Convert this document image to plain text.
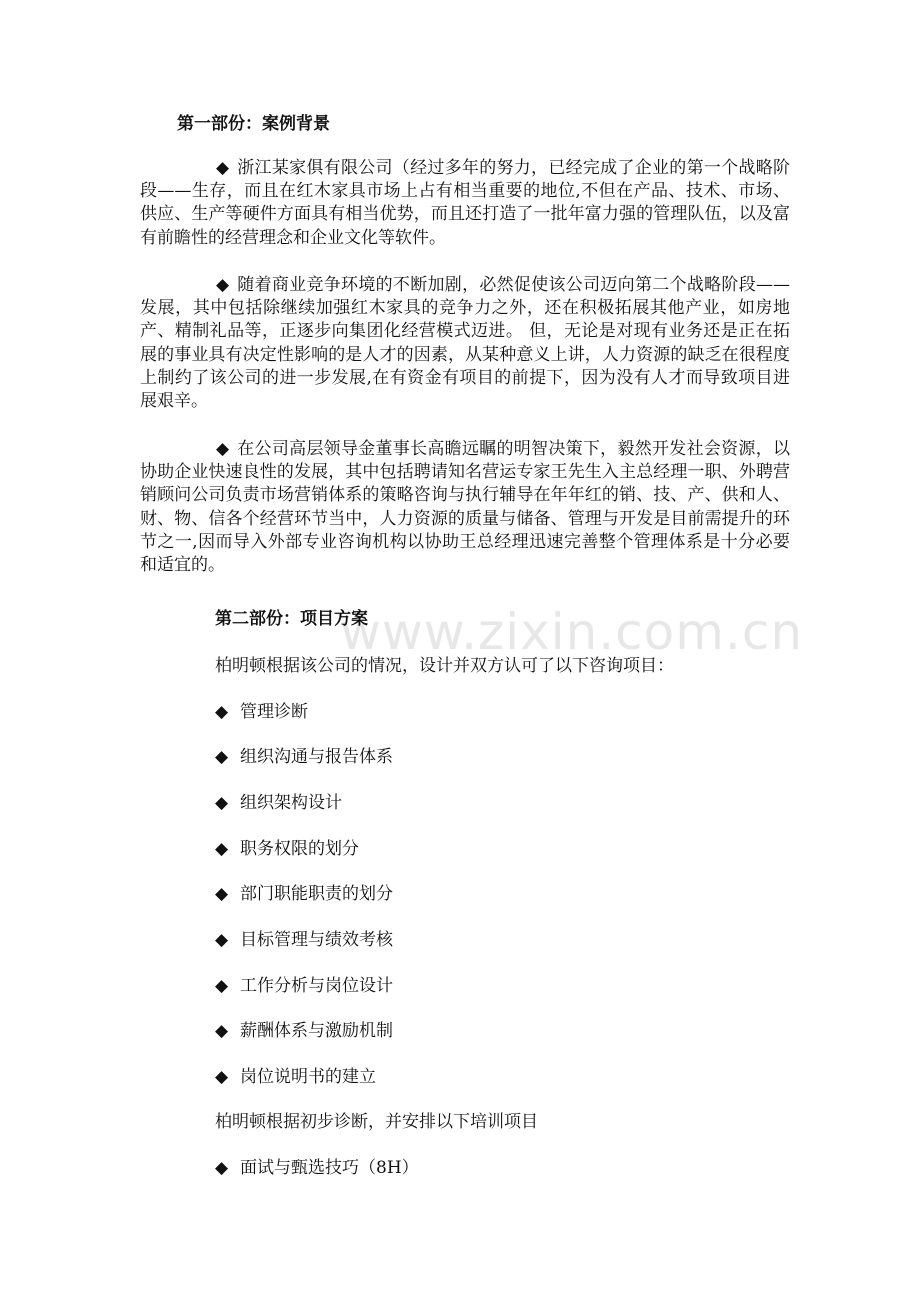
第一部份：案例背景
◆ 浙江某家俱有限公司（经过多年的努力，已经完成了企业的第一个战略阶段——生存，而且在红木家具市场上占有相当重要的地位,不但在产品、技术、市场、供应、生产等硬件方面具有相当优势，而且还打造了一批年富力强的管理队伍，以及富有前瞻性的经营理念和企业文化等软件。
◆ 随着商业竞争环境的不断加剧，必然促使该公司迈向第二个战略阶段——发展，其中包括除继续加强红木家具的竞争力之外，还在积极拓展其他产业，如房地产、精制礼品等，正逐步向集团化经营模式迈进。 但，无论是对现有业务还是正在拓展的事业具有决定性影响的是人才的因素，从某种意义上讲，人力资源的缺乏在很程度上制约了该公司的进一步发展,在有资金有项目的前提下，因为没有人才而导致项目进展艰辛。
◆ 在公司高层领导金董事长高瞻远瞩的明智决策下，毅然开发社会资源，以协助企业快速良性的发展，其中包括聘请知名营运专家王先生入主总经理一职、外聘营销顾问公司负责市场营销体系的策略咨询与执行辅导在年年红的销、技、产、供和人、财、物、信各个经营环节当中，人力资源的质量与储备、管理与开发是目前需提升的环节之一,因而导入外部专业咨询机构以协助王总经理迅速完善整个管理体系是十分必要和适宜的。
www.zixin.com.cn
第二部份：项目方案
柏明顿根据该公司的情况，设计并双方认可了以下咨询项目：
◆ 管理诊断
◆ 组织沟通与报告体系
◆ 组织架构设计
◆ 职务权限的划分
◆ 部门职能职责的划分
◆ 目标管理与绩效考核
◆ 工作分析与岗位设计
◆ 薪酬体系与激励机制
◆ 岗位说明书的建立
柏明顿根据初步诊断，并安排以下培训项目
◆ 面试与甄选技巧（8H）
